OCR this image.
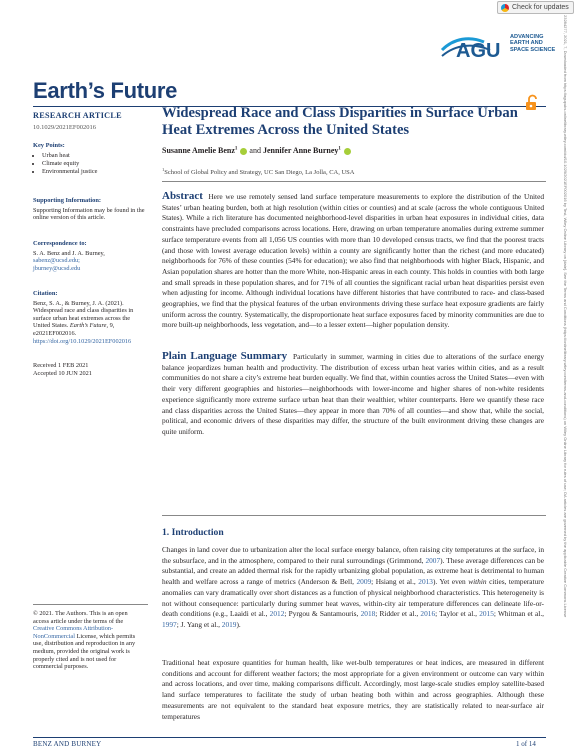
Check for updates
AGU
ADVANCING
EARTH AND
SPACE SCIENCE
Earth’s Future
RESEARCH ARTICLE
10.1029/2021EF002016
Key Points:
• Urban heat
• Climate equity
• Environmental justice
Supporting Information:
Supporting Information may be found in the online version of this article.
Correspondence to:
S. A. Benz and J. A. Burney,
sabenz@ucsd.edu;
jburney@ucsd.edu
Citation:
Benz, S. A., & Burney, J. A. (2021). Widespread race and class disparities in surface urban heat extremes across the United States. Earth’s Future, 9, e2021EF002016. https://doi.org/10.1029/2021EF002016
Received 1 FEB 2021
Accepted 10 JUN 2021
© 2021. The Authors. This is an open access article under the terms of the Creative Commons Attribution-NonCommercial License, which permits use, distribution and reproduction in any medium, provided the original work is properly cited and is not used for commercial purposes.
Widespread Race and Class Disparities in Surface Urban Heat Extremes Across the United States
Susanne Amelie Benz$^1$ and Jennifer Anne Burney$^1$
$^1$School of Global Policy and Strategy, UC San Diego, La Jolla, CA, USA
Abstract Here we use remotely sensed land surface temperature measurements to explore the distribution of the United States’ urban heating burden, both at high resolution (within cities or counties) and at scale (across the whole contiguous United States). While a rich literature has documented neighborhood-level disparities in urban heat exposures in individual cities, data constraints have precluded comparisons across locations. Here, drawing on urban temperature anomalies during extreme summer surface temperature events from all 1,056 US counties with more than 10 developed census tracts, we find that the poorest tracts (and those with lowest average education levels) within a county are significantly hotter than the richest (and more educated) neighborhoods for 76% of these counties (54% for education); we also find that neighborhoods with higher Black, Hispanic, and Asian population shares are hotter than the more White, non-Hispanic areas in each county. This holds in counties with both large and small spreads in these population shares, and for 71% of all counties the significant racial urban heat disparities persist even when adjusting for income. Although individual locations have different histories that have contributed to race- and class-based geographies, we find that the physical features of the urban environments driving these surface heat exposure gradients are fairly uniform across the country. Systematically, the disproportionate heat surface exposures faced by minority communities are due to more built-up neighborhoods, less vegetation, and—to a lesser extent—higher population density.
Plain Language Summary Particularly in summer, warming in cities due to alterations of the surface energy balance jeopardizes human health and productivity. The distribution of excess urban heat varies within cities, and as a result communities do not share a city’s extreme heat burden equally. We find that, within counties across the United States—even with their very different geographies and histories—neighborhoods with lower-income and higher shares of non-white residents experience significantly more extreme surface urban heat than their wealthier, whiter counterparts. Here we quantify these race and class disparities across the United States—they appear in more than 70% of all counties—and show that, while the social, political, and economic drivers of these disparities may differ, the structure of the built environment driving these changes are quite uniform.
1. Introduction
Changes in land cover due to urbanization alter the local surface energy balance, often raising city temperatures at the surface, in the subsurface, and in the atmosphere, compared to their rural surroundings (Grimmond, 2007). These average differences can be substantial, and create an added thermal risk for the rapidly urbanizing global population, as extreme heat is detrimental to human health and welfare across a range of metrics (Anderson & Bell, 2009; Hsiang et al., 2013). Yet even within cities, temperature anomalies can vary dramatically over short distances as a function of physical neighborhood characteristics. This heterogeneity is not without consequence: particularly during summer heat waves, within-city air temperature differences can delineate life-or-death conditions (e.g., Laaidi et al., 2012; Pyrgou & Santamouris, 2018; Ridder et al., 2016; Taylor et al., 2015; Whitman et al., 1997; J. Yang et al., 2019).
Traditional heat exposure quantities for human health, like wet-bulb temperatures or heat indices, are measured in different conditions and account for different weather factors; the most appropriate for a given environment or outcome can vary within and across locations, and over time, making comparisons difficult. Accordingly, most large-scale studies employ satellite-based land surface temperatures to facilitate the study of urban heating both within and across geographies. Although these measurements are not equivalent to the standard heat exposure metrics, they are statistically related to near-surface air temperatures
BENZ AND BURNEY	1 of 14
23284277, 2021, 7, Downloaded from https://agupubs.onlinelibrary.wiley.com/doi/10.1029/2021EF002016 by Test, Wiley Online Library on [date]. See the Terms and Conditions (https://onlinelibrary.wiley.com/terms-and-conditions) on Wiley Online Library for rules of use; OA articles are governed by the applicable Creative Commons License
